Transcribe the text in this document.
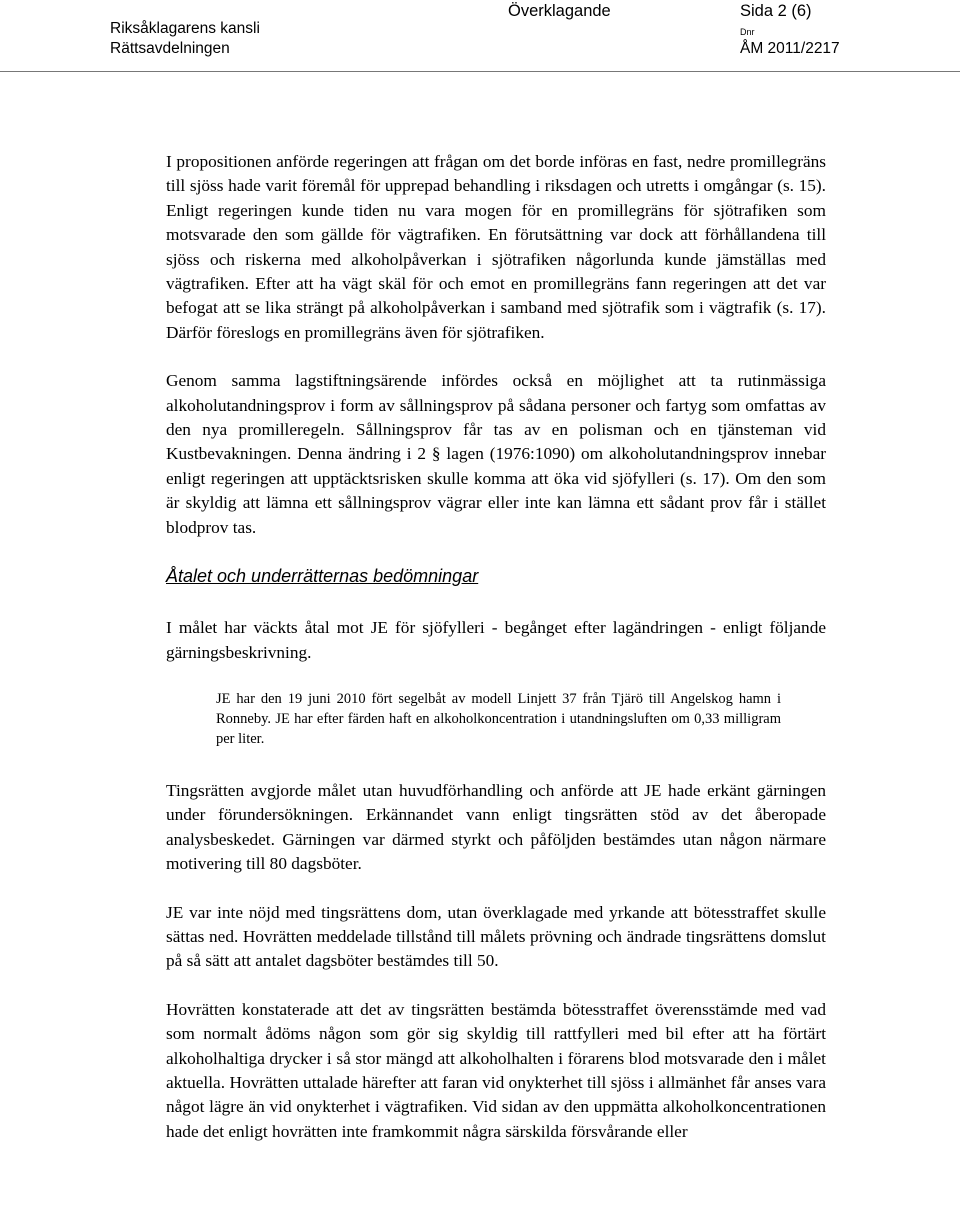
Riksåklagarens kansli
Rättsavdelningen
Överklagande	Sida 2 (6)
Dnr
ÅM 2011/2217

I propositionen anförde regeringen att frågan om det borde införas en fast, nedre promillegräns till sjöss hade varit föremål för upprepad behandling i riksdagen och utretts i omgångar (s. 15). Enligt regeringen kunde tiden nu vara mogen för en promillegräns för sjötrafiken som motsvarade den som gällde för vägtrafiken. En förutsättning var dock att förhållandena till sjöss och riskerna med alkoholpåverkan i sjötrafiken någorlunda kunde jämställas med vägtrafiken. Efter att ha vägt skäl för och emot en promillegräns fann regeringen att det var befogat att se lika strängt på alkoholpåverkan i samband med sjötrafik som i vägtrafik (s. 17). Därför föreslogs en promillegräns även för sjötrafiken.

Genom samma lagstiftningsärende infördes också en möjlighet att ta rutinmässiga alkoholutandningsprov i form av sållningsprov på sådana personer och fartyg som omfattas av den nya promilleregeln. Sållningsprov får tas av en polisman och en tjänsteman vid Kustbevakningen. Denna ändring i 2 § lagen (1976:1090) om alkoholutandningsprov innebar enligt regeringen att upptäcktsrisken skulle komma att öka vid sjöfylleri (s. 17). Om den som är skyldig att lämna ett sållningsprov vägrar eller inte kan lämna ett sådant prov får i stället blodprov tas.

Åtalet och underrätternas bedömningar

I målet har väckts åtal mot JE för sjöfylleri - begånget efter lagändringen - enligt följande gärningsbeskrivning.

JE har den 19 juni 2010 fört segelbåt av modell Linjett 37 från Tjärö till Angelskog hamn i Ronneby. JE har efter färden haft en alkoholkoncentration i utandningsluften om 0,33 milligram per liter.

Tingsrätten avgjorde målet utan huvudförhandling och anförde att JE hade erkänt gärningen under förundersökningen. Erkännandet vann enligt tingsrätten stöd av det åberopade analysbeskedet. Gärningen var därmed styrkt och påföljden bestämdes utan någon närmare motivering till 80 dagsböter.

JE var inte nöjd med tingsrättens dom, utan överklagade med yrkande att bötesstraffet skulle sättas ned. Hovrätten meddelade tillstånd till målets prövning och ändrade tingsrättens domslut på så sätt att antalet dagsböter bestämdes till 50.

Hovrätten konstaterade att det av tingsrätten bestämda bötesstraffet överensstämde med vad som normalt ådöms någon som gör sig skyldig till rattfylleri med bil efter att ha förtärt alkoholhaltiga drycker i så stor mängd att alkoholhalten i förarens blod motsvarade den i målet aktuella. Hovrätten uttalade härefter att faran vid onykterhet till sjöss i allmänhet får anses vara något lägre än vid onykterhet i vägtrafiken. Vid sidan av den uppmätta alkoholkoncentrationen hade det enligt hovrätten inte framkommit några särskilda försvårande eller
